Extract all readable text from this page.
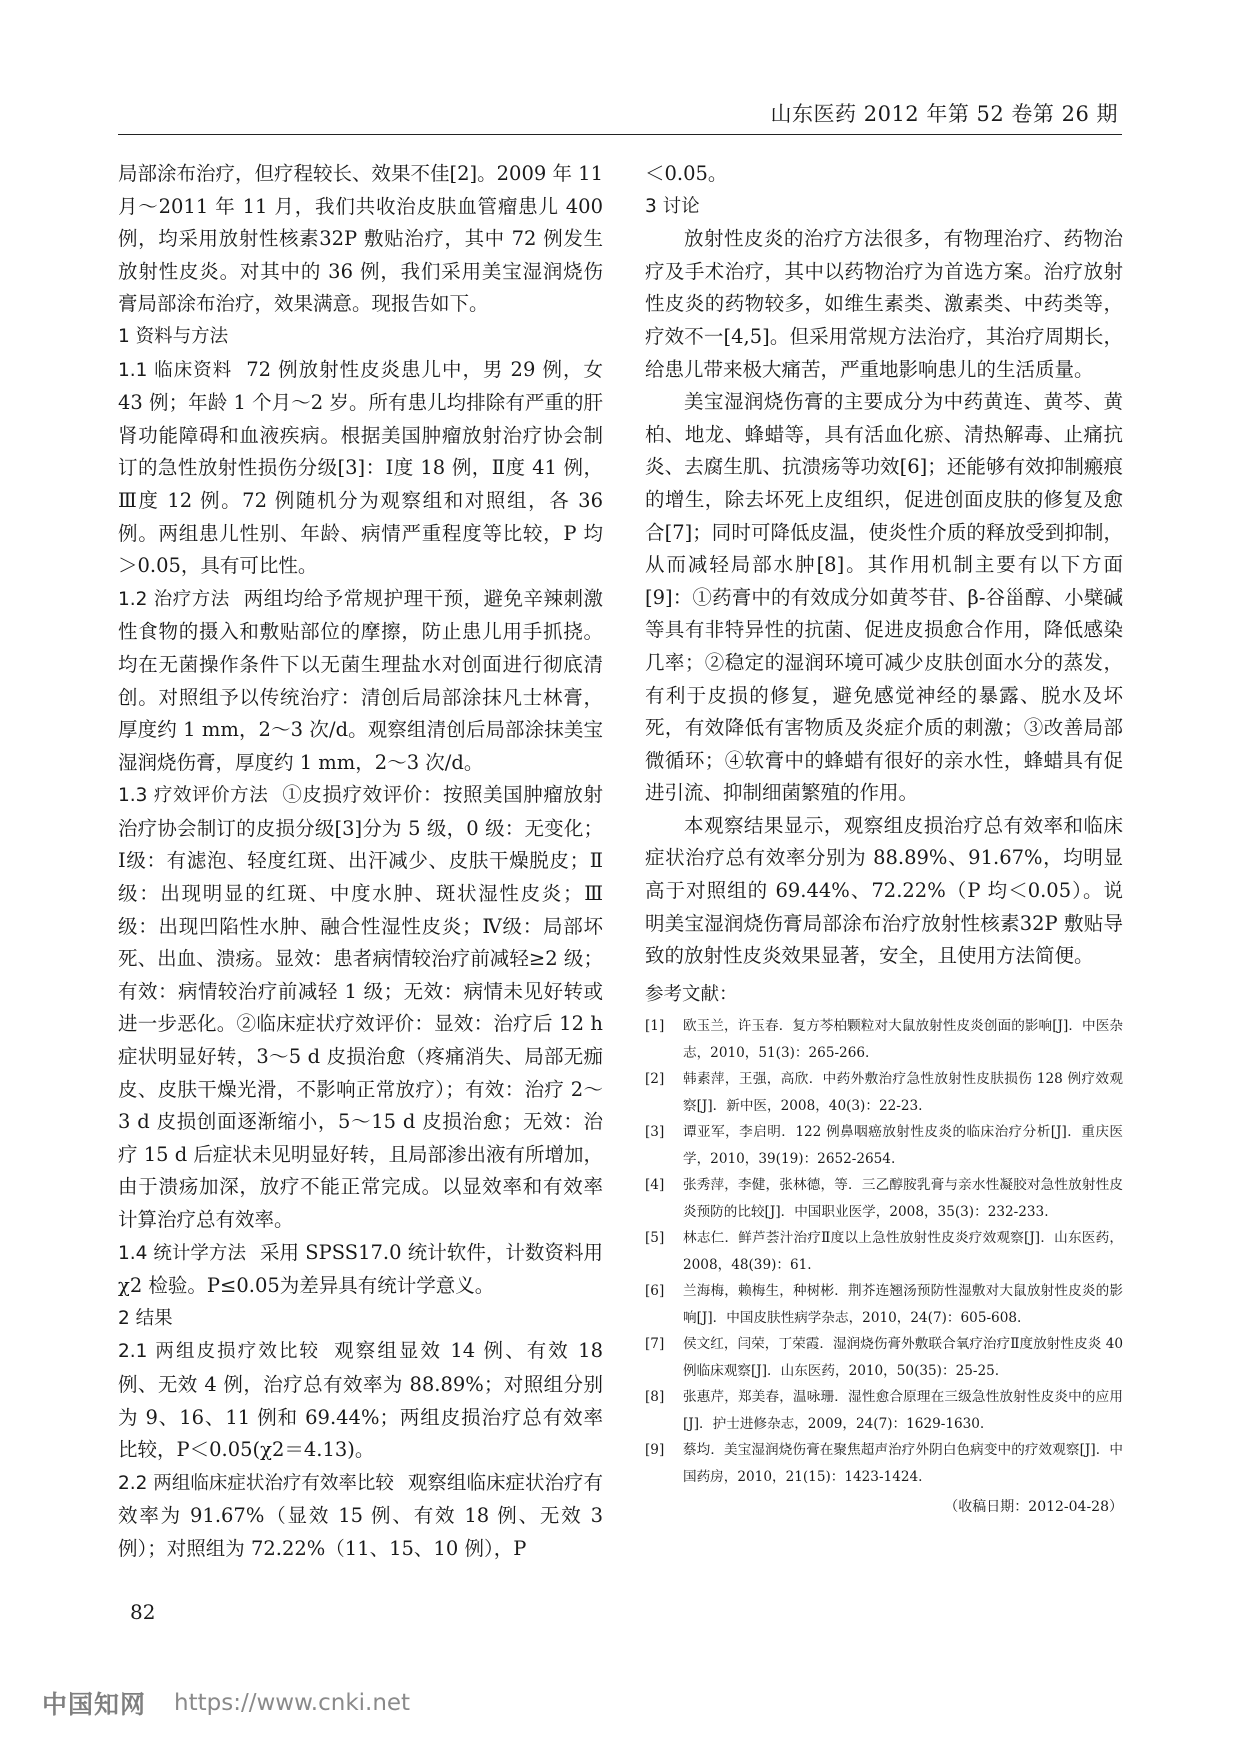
山东医药 2012 年第 52 卷第 26 期

局部涂布治疗，但疗程较长、效果不佳[2]。2009 年 11 月～2011 年 11 月，我们共收治皮肤血管瘤患儿 400 例，均采用放射性核素32P 敷贴治疗，其中 72 例发生放射性皮炎。对其中的 36 例，我们采用美宝湿润烧伤膏局部涂布治疗，效果满意。现报告如下。

1 资料与方法

1.1 临床资料 72 例放射性皮炎患儿中，男 29 例，女 43 例；年龄 1 个月～2 岁。所有患儿均排除有严重的肝肾功能障碍和血液疾病。根据美国肿瘤放射治疗协会制订的急性放射性损伤分级[3]：Ⅰ度 18 例，Ⅱ度 41 例，Ⅲ度 12 例。72 例随机分为观察组和对照组，各 36 例。两组患儿性别、年龄、病情严重程度等比较，P 均＞0.05，具有可比性。

1.2 治疗方法 两组均给予常规护理干预，避免辛辣刺激性食物的摄入和敷贴部位的摩擦，防止患儿用手抓挠。均在无菌操作条件下以无菌生理盐水对创面进行彻底清创。对照组予以传统治疗：清创后局部涂抹凡士林膏，厚度约 1 mm，2～3 次/d。观察组清创后局部涂抹美宝湿润烧伤膏，厚度约 1 mm，2～3 次/d。

1.3 疗效评价方法 ①皮损疗效评价：按照美国肿瘤放射治疗协会制订的皮损分级[3]分为 5 级，0 级：无变化；Ⅰ级：有滤泡、轻度红斑、出汗减少、皮肤干燥脱皮；Ⅱ级：出现明显的红斑、中度水肿、斑状湿性皮炎；Ⅲ级：出现凹陷性水肿、融合性湿性皮炎；Ⅳ级：局部坏死、出血、溃疡。显效：患者病情较治疗前减轻≥2 级；有效：病情较治疗前减轻 1 级；无效：病情未见好转或进一步恶化。②临床症状疗效评价：显效：治疗后 12 h 症状明显好转，3～5 d 皮损治愈（疼痛消失、局部无痂皮、皮肤干燥光滑，不影响正常放疗）；有效：治疗 2～3 d 皮损创面逐渐缩小，5～15 d 皮损治愈；无效：治疗 15 d 后症状未见明显好转，且局部渗出液有所增加，由于溃疡加深，放疗不能正常完成。以显效率和有效率计算治疗总有效率。

1.4 统计学方法 采用 SPSS17.0 统计软件，计数资料用χ2 检验。P≤0.05为差异具有统计学意义。

2 结果

2.1 两组皮损疗效比较 观察组显效 14 例、有效 18 例、无效 4 例，治疗总有效率为 88.89%；对照组分别为 9、16、11 例和 69.44%；两组皮损治疗总有效率比较，P＜0.05(χ2＝4.13)。

2.2 两组临床症状治疗有效率比较 观察组临床症状治疗有效率为 91.67%（显效 15 例、有效 18 例、无效 3 例）；对照组为 72.22%（11、15、10 例），P

＜0.05。

3 讨论

放射性皮炎的治疗方法很多，有物理治疗、药物治疗及手术治疗，其中以药物治疗为首选方案。治疗放射性皮炎的药物较多，如维生素类、激素类、中药类等，疗效不一[4,5]。但采用常规方法治疗，其治疗周期长，给患儿带来极大痛苦，严重地影响患儿的生活质量。

美宝湿润烧伤膏的主要成分为中药黄连、黄芩、黄柏、地龙、蜂蜡等，具有活血化瘀、清热解毒、止痛抗炎、去腐生肌、抗溃疡等功效[6]；还能够有效抑制瘢痕的增生，除去坏死上皮组织，促进创面皮肤的修复及愈合[7]；同时可降低皮温，使炎性介质的释放受到抑制，从而减轻局部水肿[8]。其作用机制主要有以下方面[9]：①药膏中的有效成分如黄芩苷、β-谷甾醇、小檗碱等具有非特异性的抗菌、促进皮损愈合作用，降低感染几率；②稳定的湿润环境可减少皮肤创面水分的蒸发，有利于皮损的修复，避免感觉神经的暴露、脱水及坏死，有效降低有害物质及炎症介质的刺激；③改善局部微循环；④软膏中的蜂蜡有很好的亲水性，蜂蜡具有促进引流、抑制细菌繁殖的作用。

本观察结果显示，观察组皮损治疗总有效率和临床症状治疗总有效率分别为 88.89%、91.67%，均明显高于对照组的 69.44%、72.22%（P 均＜0.05）。说明美宝湿润烧伤膏局部涂布治疗放射性核素32P 敷贴导致的放射性皮炎效果显著，安全，且使用方法简便。

参考文献：

[1]	欧玉兰，许玉春．复方芩柏颗粒对大鼠放射性皮炎创面的影响[J]．中医杂志，2010，51(3)：265-266.

[2]	韩素萍，王强，高欣．中药外敷治疗急性放射性皮肤损伤 128 例疗效观察[J]．新中医，2008，40(3)：22-23.

[3]	谭亚军，李启明．122 例鼻咽癌放射性皮炎的临床治疗分析[J]．重庆医学，2010，39(19)：2652-2654.

[4]	张秀萍，李健，张林德，等．三乙醇胺乳膏与亲水性凝胶对急性放射性皮炎预防的比较[J]．中国职业医学，2008，35(3)：232-233.

[5]	林志仁．鲜芦荟汁治疗Ⅱ度以上急性放射性皮炎疗效观察[J]．山东医药，2008，48(39)：61.

[6]	兰海梅，赖梅生，种树彬．荆芥连翘汤预防性湿敷对大鼠放射性皮炎的影响[J]．中国皮肤性病学杂志，2010，24(7)：605-608.

[7]	侯文红，闫荣，丁荣霞．湿润烧伤膏外敷联合氧疗治疗Ⅱ度放射性皮炎 40 例临床观察[J]．山东医药，2010，50(35)：25-25.

[8]	张惠芹，郑美春，温咏珊．湿性愈合原理在三级急性放射性皮炎中的应用[J]．护士进修杂志，2009，24(7)：1629-1630.

[9]	蔡均．美宝湿润烧伤膏在聚焦超声治疗外阴白色病变中的疗效观察[J]．中国药房，2010，21(15)：1423-1424.

（收稿日期：2012-04-28）
82
中国知网 https://www.cnki.net
